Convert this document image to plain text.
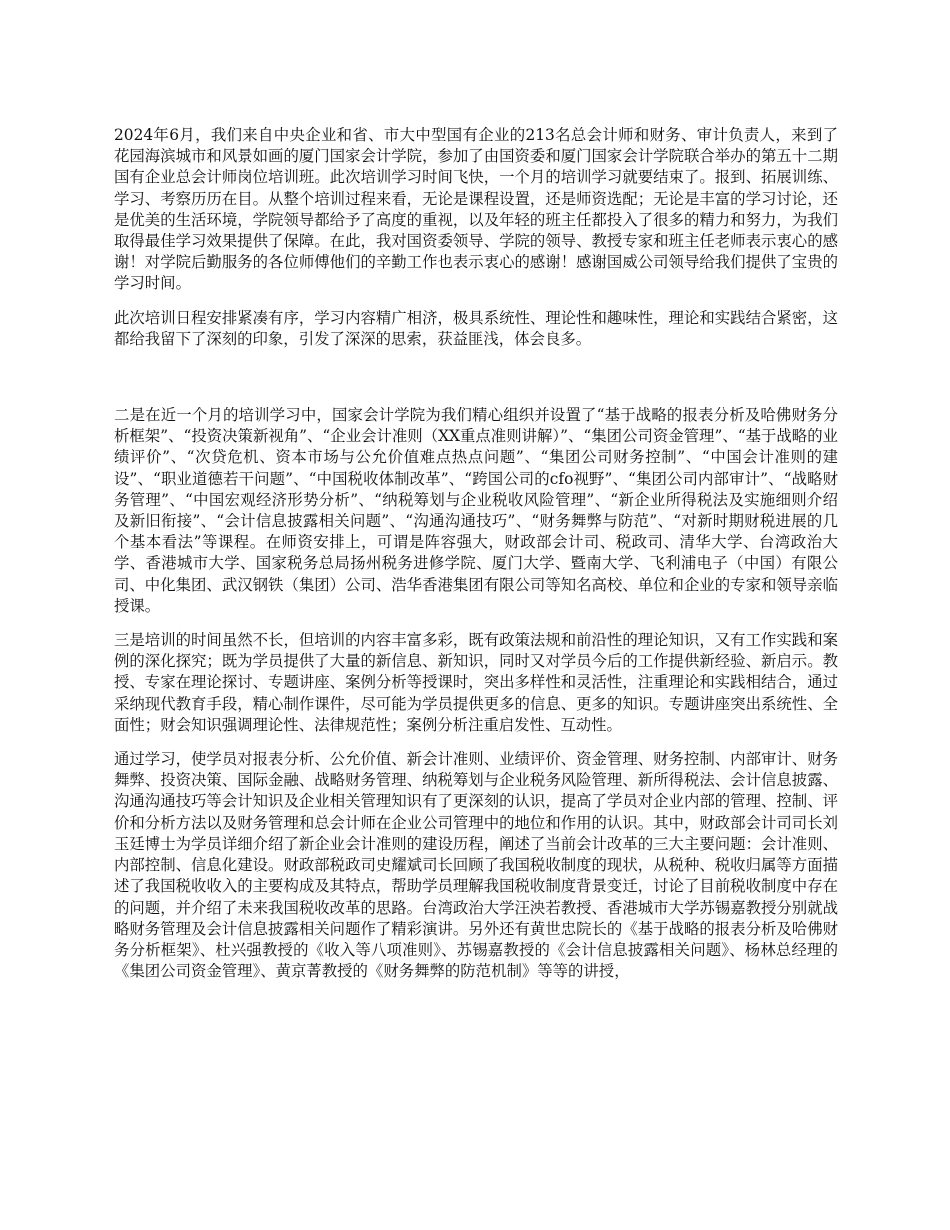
2024年6月，我们来自中央企业和省、市大中型国有企业的213名总会计师和财务、审计负责人，来到了花园海滨城市和风景如画的厦门国家会计学院，参加了由国资委和厦门国家会计学院联合举办的第五十二期国有企业总会计师岗位培训班。此次培训学习时间飞快，一个月的培训学习就要结束了。报到、拓展训练、学习、考察历历在目。从整个培训过程来看，无论是课程设置，还是师资选配；无论是丰富的学习讨论，还是优美的生活环境，学院领导都给予了高度的重视，以及年轻的班主任都投入了很多的精力和努力，为我们取得最佳学习效果提供了保障。在此，我对国资委领导、学院的领导、教授专家和班主任老师表示衷心的感谢！对学院后勤服务的各位师傅他们的辛勤工作也表示衷心的感谢！感谢国威公司领导给我们提供了宝贵的学习时间。

此次培训日程安排紧凑有序，学习内容精广相济，极具系统性、理论性和趣味性，理论和实践结合紧密，这都给我留下了深刻的印象，引发了深深的思索，获益匪浅，体会良多。

二是在近一个月的培训学习中，国家会计学院为我们精心组织并设置了“基于战略的报表分析及哈佛财务分析框架”、“投资决策新视角”、“企业会计准则（XX重点准则讲解）”、“集团公司资金管理”、“基于战略的业绩评价”、“次贷危机、资本市场与公允价值难点热点问题”、“集团公司财务控制”、“中国会计准则的建设”、“职业道德若干问题”、“中国税收体制改革”、“跨国公司的cfo视野”、“集团公司内部审计”、“战略财务管理”、“中国宏观经济形势分析”、“纳税筹划与企业税收风险管理”、“新企业所得税法及实施细则介绍及新旧衔接”、“会计信息披露相关问题”、“沟通沟通技巧”、“财务舞弊与防范”、“对新时期财税进展的几个基本看法”等课程。在师资安排上，可谓是阵容强大，财政部会计司、税政司、清华大学、台湾政治大学、香港城市大学、国家税务总局扬州税务进修学院、厦门大学、暨南大学、飞利浦电子（中国）有限公司、中化集团、武汉钢铁（集团）公司、浩华香港集团有限公司等知名高校、单位和企业的专家和领导亲临授课。

三是培训的时间虽然不长，但培训的内容丰富多彩，既有政策法规和前沿性的理论知识，又有工作实践和案例的深化探究；既为学员提供了大量的新信息、新知识，同时又对学员今后的工作提供新经验、新启示。教授、专家在理论探讨、专题讲座、案例分析等授课时，突出多样性和灵活性，注重理论和实践相结合，通过采纳现代教育手段，精心制作课件，尽可能为学员提供更多的信息、更多的知识。专题讲座突出系统性、全面性；财会知识强调理论性、法律规范性；案例分析注重启发性、互动性。

通过学习，使学员对报表分析、公允价值、新会计准则、业绩评价、资金管理、财务控制、内部审计、财务舞弊、投资决策、国际金融、战略财务管理、纳税筹划与企业税务风险管理、新所得税法、会计信息披露、沟通沟通技巧等会计知识及企业相关管理知识有了更深刻的认识，提高了学员对企业内部的管理、控制、评价和分析方法以及财务管理和总会计师在企业公司管理中的地位和作用的认识。其中，财政部会计司司长刘玉廷博士为学员详细介绍了新企业会计准则的建设历程，阐述了当前会计改革的三大主要问题：会计准则、内部控制、信息化建设。财政部税政司史耀斌司长回顾了我国税收制度的现状，从税种、税收归属等方面描述了我国税收收入的主要构成及其特点，帮助学员理解我国税收制度背景变迁，讨论了目前税收制度中存在的问题，并介绍了未来我国税收改革的思路。台湾政治大学汪泱若教授、香港城市大学苏锡嘉教授分别就战略财务管理及会计信息披露相关问题作了精彩演讲。另外还有黄世忠院长的《基于战略的报表分析及哈佛财务分析框架》、杜兴强教授的《收入等八项准则》、苏锡嘉教授的《会计信息披露相关问题》、杨林总经理的《集团公司资金管理》、黄京菁教授的《财务舞弊的防范机制》等等的讲授，
